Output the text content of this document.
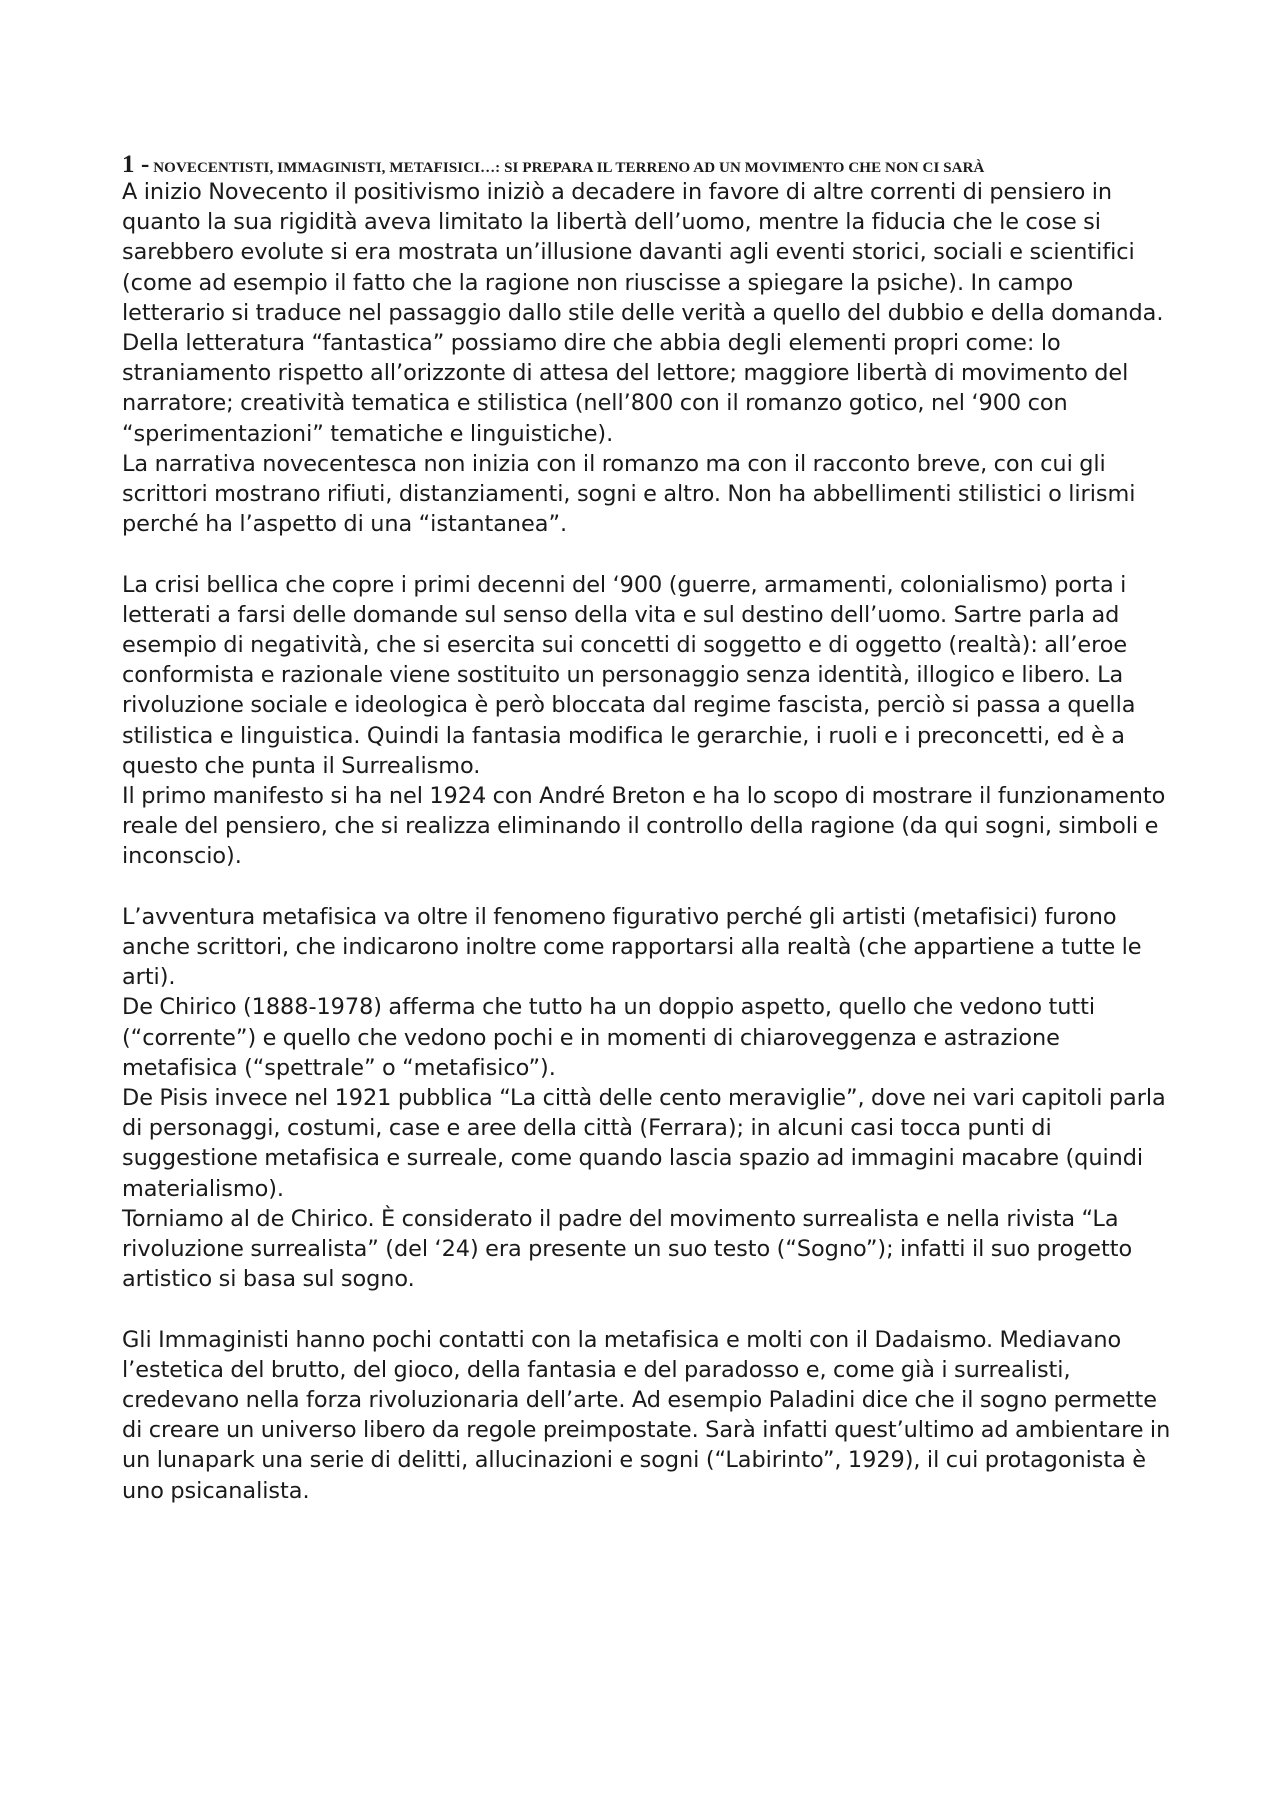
1 - NOVECENTISTI, IMMAGINISTI, METAFISICI…: SI PREPARA IL TERRENO AD UN MOVIMENTO CHE NON CI SARÀ

A inizio Novecento il positivismo iniziò a decadere in favore di altre correnti di pensiero in quanto la sua rigidità aveva limitato la libertà dell’uomo, mentre la fiducia che le cose si sarebbero evolute si era mostrata un’illusione davanti agli eventi storici, sociali e scientifici (come ad esempio il fatto che la ragione non riuscisse a spiegare la psiche). In campo letterario si traduce nel passaggio dallo stile delle verità a quello del dubbio e della domanda.

Della letteratura “fantastica” possiamo dire che abbia degli elementi propri come: lo straniamento rispetto all’orizzonte di attesa del lettore; maggiore libertà di movimento del narratore; creatività tematica e stilistica (nell’800 con il romanzo gotico, nel ‘900 con “sperimentazioni” tematiche e linguistiche).

La narrativa novecentesca non inizia con il romanzo ma con il racconto breve, con cui gli scrittori mostrano rifiuti, distanziamenti, sogni e altro. Non ha abbellimenti stilistici o lirismi perché ha l’aspetto di una “istantanea”.

La crisi bellica che copre i primi decenni del ‘900 (guerre, armamenti, colonialismo) porta i letterati a farsi delle domande sul senso della vita e sul destino dell’uomo. Sartre parla ad esempio di negatività, che si esercita sui concetti di soggetto e di oggetto (realtà): all’eroe conformista e razionale viene sostituito un personaggio senza identità, illogico e libero. La rivoluzione sociale e ideologica è però bloccata dal regime fascista, perciò si passa a quella stilistica e linguistica. Quindi la fantasia modifica le gerarchie, i ruoli e i preconcetti, ed è a questo che punta il Surrealismo.

Il primo manifesto si ha nel 1924 con André Breton e ha lo scopo di mostrare il funzionamento reale del pensiero, che si realizza eliminando il controllo della ragione (da qui sogni, simboli e inconscio).

L’avventura metafisica va oltre il fenomeno figurativo perché gli artisti (metafisici) furono anche scrittori, che indicarono inoltre come rapportarsi alla realtà (che appartiene a tutte le arti).

De Chirico (1888-1978) afferma che tutto ha un doppio aspetto, quello che vedono tutti (“corrente”) e quello che vedono pochi e in momenti di chiaroveggenza e astrazione metafisica (“spettrale” o “metafisico”).

De Pisis invece nel 1921 pubblica “La città delle cento meraviglie”, dove nei vari capitoli parla di personaggi, costumi, case e aree della città (Ferrara); in alcuni casi tocca punti di suggestione metafisica e surreale, come quando lascia spazio ad immagini macabre (quindi materialismo).

Torniamo al de Chirico. È considerato il padre del movimento surrealista e nella rivista “La rivoluzione surrealista” (del ‘24) era presente un suo testo (“Sogno”); infatti il suo progetto artistico si basa sul sogno.

Gli Immaginisti hanno pochi contatti con la metafisica e molti con il Dadaismo. Mediavano l’estetica del brutto, del gioco, della fantasia e del paradosso e, come già i surrealisti, credevano nella forza rivoluzionaria dell’arte. Ad esempio Paladini dice che il sogno permette di creare un universo libero da regole preimpostate. Sarà infatti quest’ultimo ad ambientare in un lunapark una serie di delitti, allucinazioni e sogni (“Labirinto”, 1929), il cui protagonista è uno psicanalista.
